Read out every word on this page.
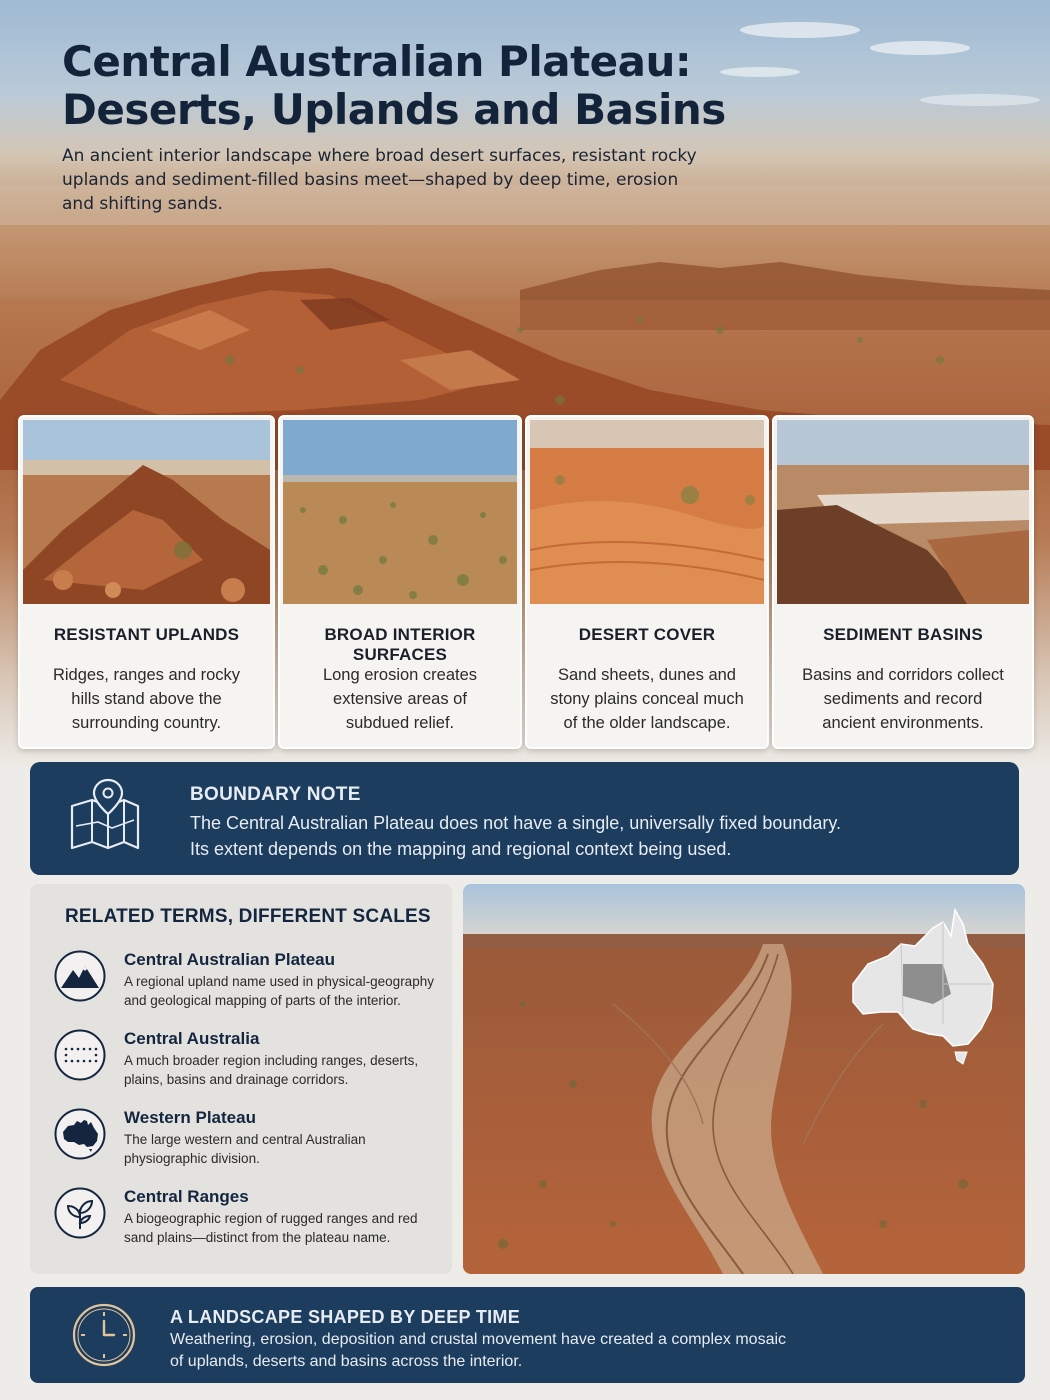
Central Australian Plateau:
Deserts, Uplands and Basins

An ancient interior landscape where broad desert surfaces, resistant rocky uplands and sediment-filled basins meet—shaped by deep time, erosion and shifting sands.

RESISTANT UPLANDS

Ridges, ranges and rocky hills stand above the surrounding country.

BROAD INTERIOR SURFACES

Long erosion creates extensive areas of subdued relief.

DESERT COVER

Sand sheets, dunes and stony plains conceal much of the older landscape.

SEDIMENT BASINS

Basins and corridors collect sediments and record ancient environments.

BOUNDARY NOTE

The Central Australian Plateau does not have a single, universally fixed boundary.
Its extent depends on the mapping and regional context being used.

RELATED TERMS, DIFFERENT SCALES

Central Australian Plateau

A regional upland name used in physical-geography and geological mapping of parts of the interior.

Central Australia

A much broader region including ranges, deserts, plains, basins and drainage corridors.

Western Plateau

The large western and central Australian physiographic division.

Central Ranges

A biogeographic region of rugged ranges and red sand plains—distinct from the plateau name.

A LANDSCAPE SHAPED BY DEEP TIME

Weathering, erosion, deposition and crustal movement have created a complex mosaic of uplands, deserts and basins across the interior.
